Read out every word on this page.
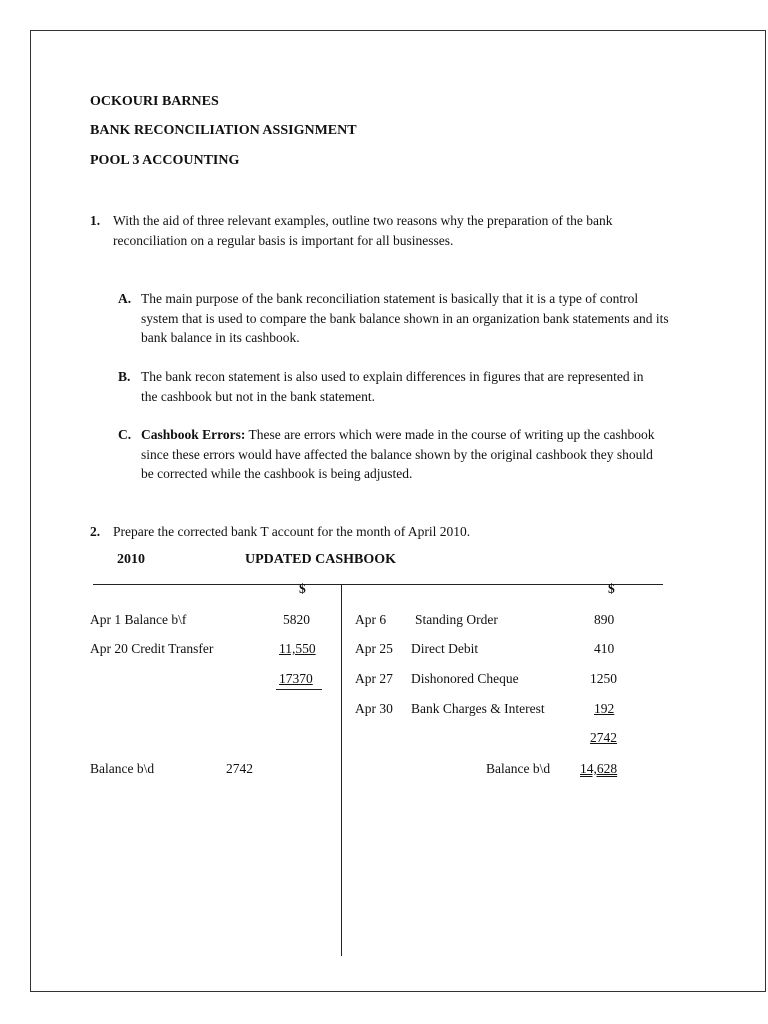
OCKOURI BARNES
BANK RECONCILIATION ASSIGNMENT
POOL 3 ACCOUNTING
1. With the aid of three relevant examples, outline two reasons why the preparation of the bank reconciliation on a regular basis is important for all businesses.
A. The main purpose of the bank reconciliation statement is basically that it is a type of control system that is used to compare the bank balance shown in an organization bank statements and its bank balance in its cashbook.
B. The bank recon statement is also used to explain differences in figures that are represented in the cashbook but not in the bank statement.
C. Cashbook Errors: These are errors which were made in the course of writing up the cashbook since these errors would have affected the balance shown by the original cashbook they should be corrected while the cashbook is being adjusted.
2. Prepare the corrected bank T account for the month of April 2010.
2010	UPDATED CASHBOOK
$	$
Apr 1 Balance b\f	5820
Apr 20 Credit Transfer	11,550
17370
Balance b\d	2742
Apr 6 Standing Order	890
Apr 25 Direct Debit	410
Apr 27 Dishonored Cheque	1250
Apr 30 Bank Charges & Interest	192
2742
Balance b\d 14,628
